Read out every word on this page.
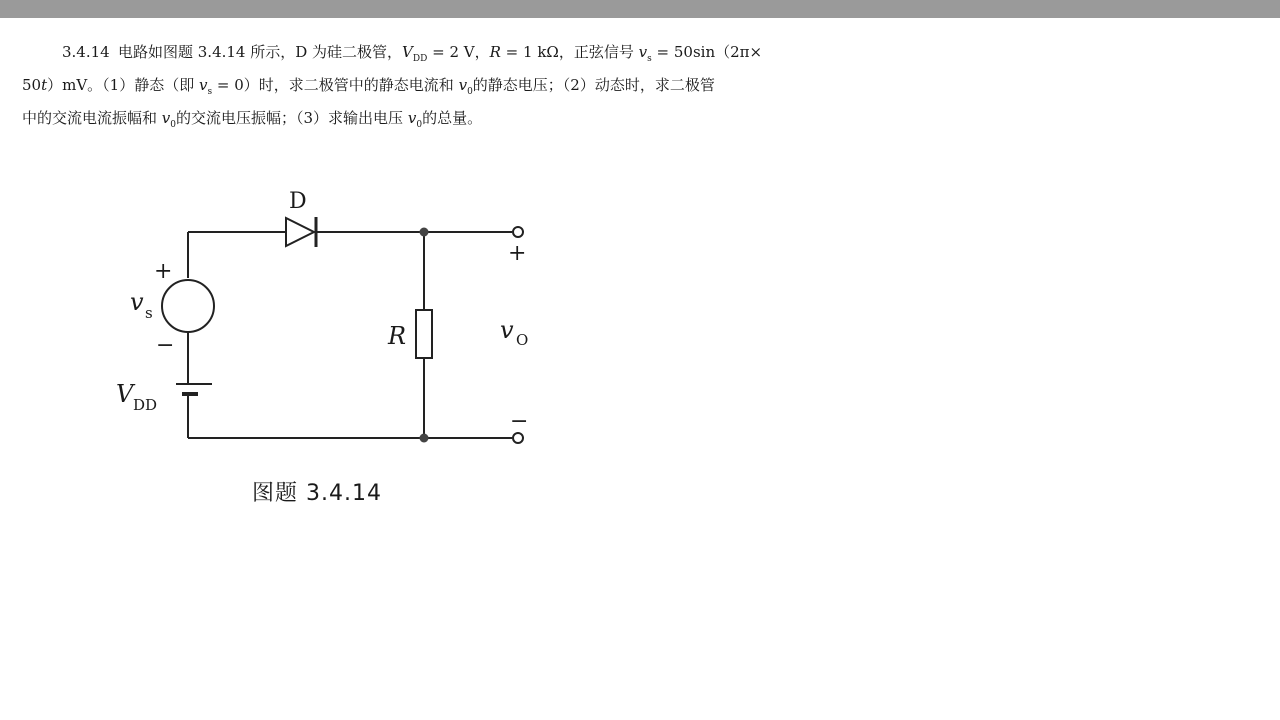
3.4.14 电路如图题 3.4.14 所示，D 为硅二极管，$V_{DD} = 2$ V，R = 1 kΩ，正弦信号 $v_s = 50\sin(2\pi\times$

50t）mV。（1）静态（即 $v_s = 0$）时，求二极管中的静态电流和 $v_0$的静态电压；（2）动态时，求二极管

中的交流电流振幅和 $v_0$的交流电压振幅；（3）求输出电压 $v_0$的总量。

D
+
−
v s
V DD
R	v O
+
−
图题 3.4.14
